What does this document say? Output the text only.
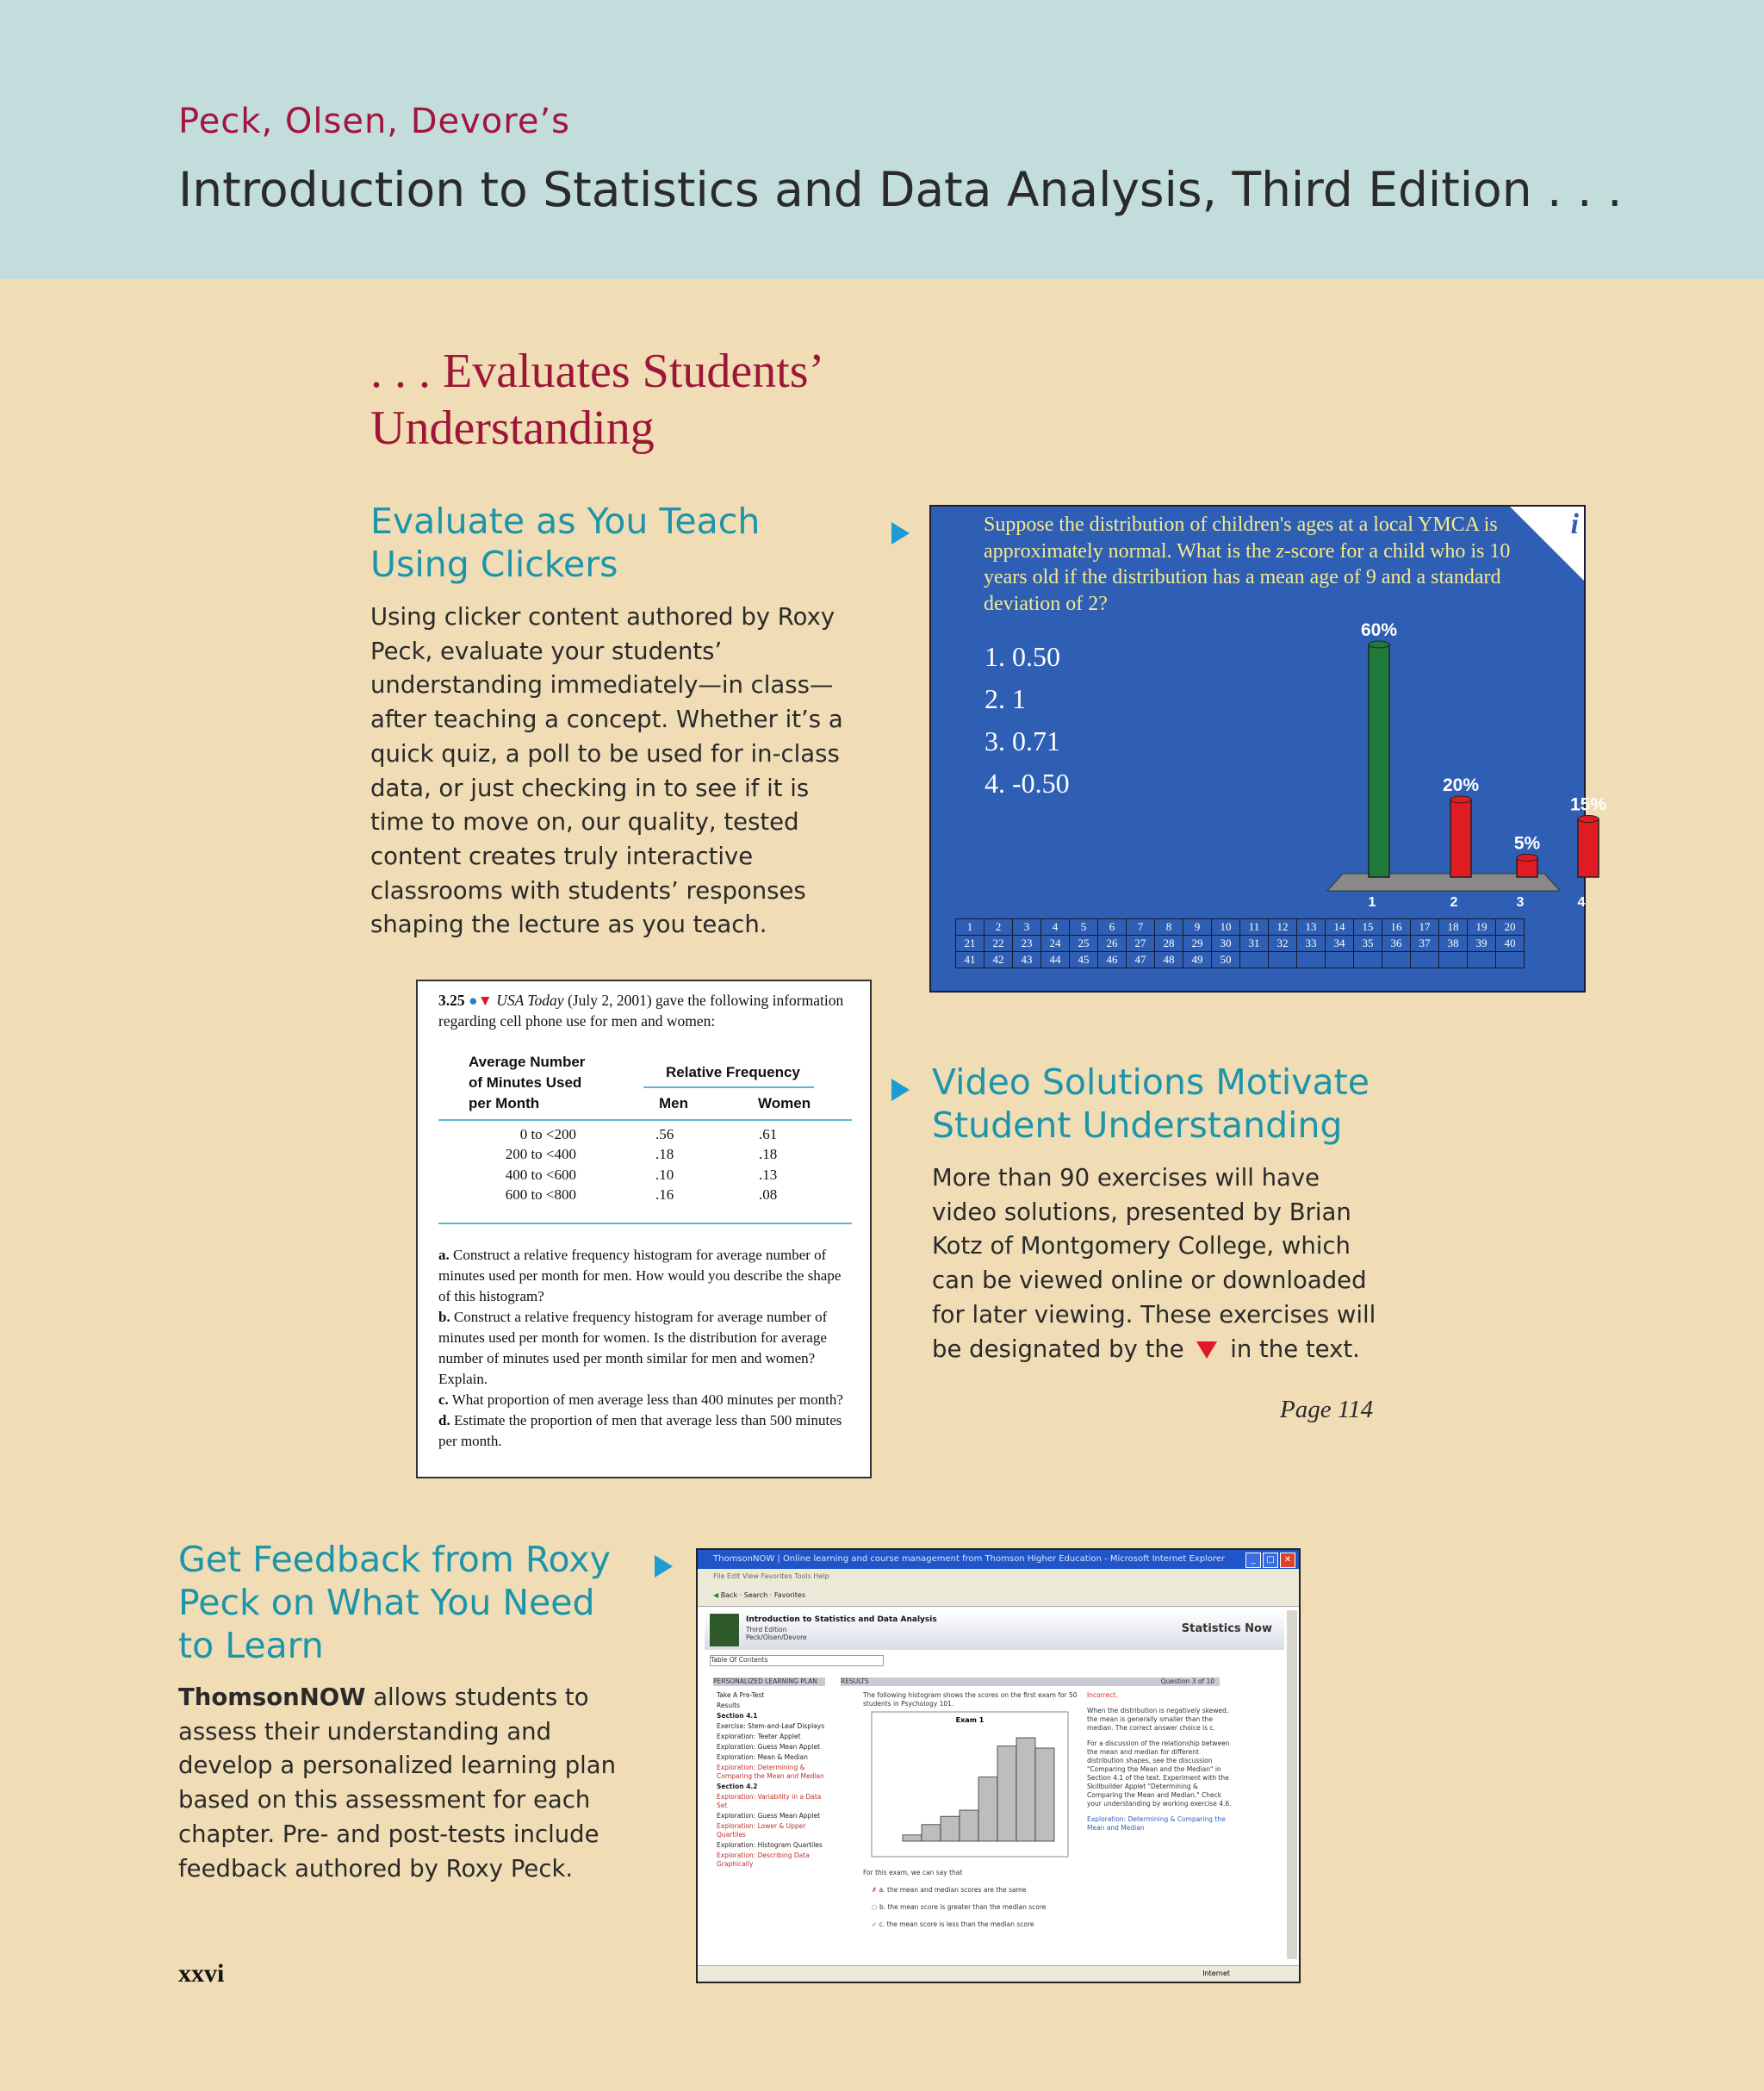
Peck, Olsen, Devore’s
Introduction to Statistics and Data Analysis, Third Edition . . .
. . . Evaluates Students’ Understanding
Evaluate as You Teach
Using Clickers
Using clicker content authored by Roxy Peck, evaluate your students’ understanding immediately—in class—after teaching a concept. Whether it’s a quick quiz, a poll to be used for in-class data, or just checking in to see if it is time to move on, our quality, tested content creates truly interactive classrooms with students’ responses shaping the lecture as you teach.
i
Suppose the distribution of children's ages at a local YMCA is approximately normal. What is the z-score for a child who is 10 years old if the distribution has a mean age of 9 and a standard deviation of 2?
1. 0.50
2. 1
3. 0.71
4. -0.50
60%
1
20%
2
5%
3
15%
4
1	2	3	4	5	6	7	8	9	10	11	12	13	14	15	16	17	18	19	20
21	22	23	24	25	26	27	28	29	30	31	32	33	34	35	36	37	38	39	40
41	42	43	44	45	46	47	48	49	50										
3.25 ●▼ USA Today (July 2, 2001) gave the following information regarding cell phone use for men and women:
Average Number
of Minutes Used
per Month
Relative Frequency
Men	Women
0 to <200	.56	.61
200 to <400	.18	.18
400 to <600	.10	.13
600 to <800	.16	.08
a. Construct a relative frequency histogram for average number of minutes used per month for men. How would you describe the shape of this histogram?
b. Construct a relative frequency histogram for average number of minutes used per month for women. Is the distribution for average number of minutes used per month similar for men and women? Explain.
c. What proportion of men average less than 400 minutes per month?
d. Estimate the proportion of men that average less than 500 minutes per month.
Video Solutions Motivate
Student Understanding
More than 90 exercises will have video solutions, presented by Brian Kotz of Montgomery College, which can be viewed online or downloaded for later viewing. These exercises will be designated by the  in the text.
Page 114
Get Feedback from Roxy
Peck on What You Need
to Learn
ThomsonNOW allows students to assess their understanding and develop a personalized learning plan based on this assessment for each chapter. Pre- and post-tests include feedback authored by Roxy Peck.
ThomsonNOW | Online learning and course management from Thomson Higher Education - Microsoft Internet Explorer	_	□	✕
File Edit View Favorites Tools Help
◀ Back · Search · Favorites
Introduction to Statistics and Data Analysis
Third Edition
Peck/Olsen/Devore
Statistics Now
Table Of Contents
PERSONALIZED LEARNING PLAN
Take A Pre-Test
Results
Section 4.1
Exercise: Stem-and-Leaf Displays
Exploration: Teeter Applet
Exploration: Guess Mean Applet
Exploration: Mean & Median
Exploration: Determining & Comparing the Mean and Median
Section 4.2
Exploration: Variability in a Data Set
Exploration: Guess Mean Applet
Exploration: Lower & Upper Quartiles
Exploration: Histogram Quartiles
Exploration: Describing Data Graphically
RESULTS	Question 3 of 10
The following histogram shows the scores on the first exam for 50 students in Psychology 101.
Exam 1
For this exam, we can say that
✗ a. the mean and median scores are the same
○ b. the mean score is greater than the median score
✓ c. the mean score is less than the median score
Incorrect.
When the distribution is negatively skewed, the mean is generally smaller than the median. The correct answer choice is c.
For a discussion of the relationship between the mean and median for different distribution shapes, see the discussion "Comparing the Mean and the Median" in Section 4.1 of the text. Experiment with the Skillbuilder Applet "Determining & Comparing the Mean and Median." Check your understanding by working exercise 4.6.
Exploration: Determining & Comparing the Mean and Median
Internet
xxvi
